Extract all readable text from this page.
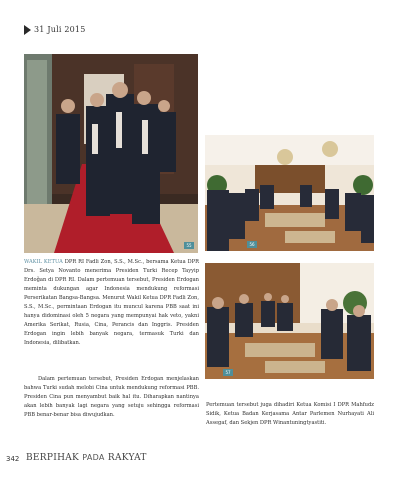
31 Juli 2015
55	56
57
WAKIL KETUA DPR RI Fadli Zon, S.S., M.Sc., bersama Ketua DPR Drs. Setya Novanto menerima Presiden Turki Recep Tayyip Erdoğan di DPR RI. Dalam pertemuan tersebut, Presiden Erdogan meminta dukungan agar Indonesia mendukung reformasi Perserikatan Bangsa-Bangsa. Menurut Wakil Ketua DPR Fadli Zon, S.S., M.Sc., permintaan Erdogan itu muncul karena PBB saat ini hanya didominasi oleh 5 negara yang mempunyai hak veto, yakni Amerika Serikat, Rusia, Cina, Perancis dan Inggris. Presiden Erdogan ingin lebih banyak negara, termasuk Turki dan Indonesia, dilibatkan.
Dalam pertemuan tersebut, Presiden Erdogan menjelaskan bahwa Turki sudah melobi Cina untuk mendukung reformasi PBB. Presiden Cina pun menyambut baik hal itu. Diharapkan nantinya akan lebih banyak lagi negara yang setuju sehingga reformasi PBB benar-benar bisa diwujudkan.
Pertemuan tersebut juga dihadiri Ketua Komisi I DPR Mahfudz Sidik, Ketua Badan Kerjasama Antar Parlemen Nurhayati Ali Assegaf, dan Sekjen DPR Winantuningtyastiti.
342 BERPIHAK PADA RAKYAT
